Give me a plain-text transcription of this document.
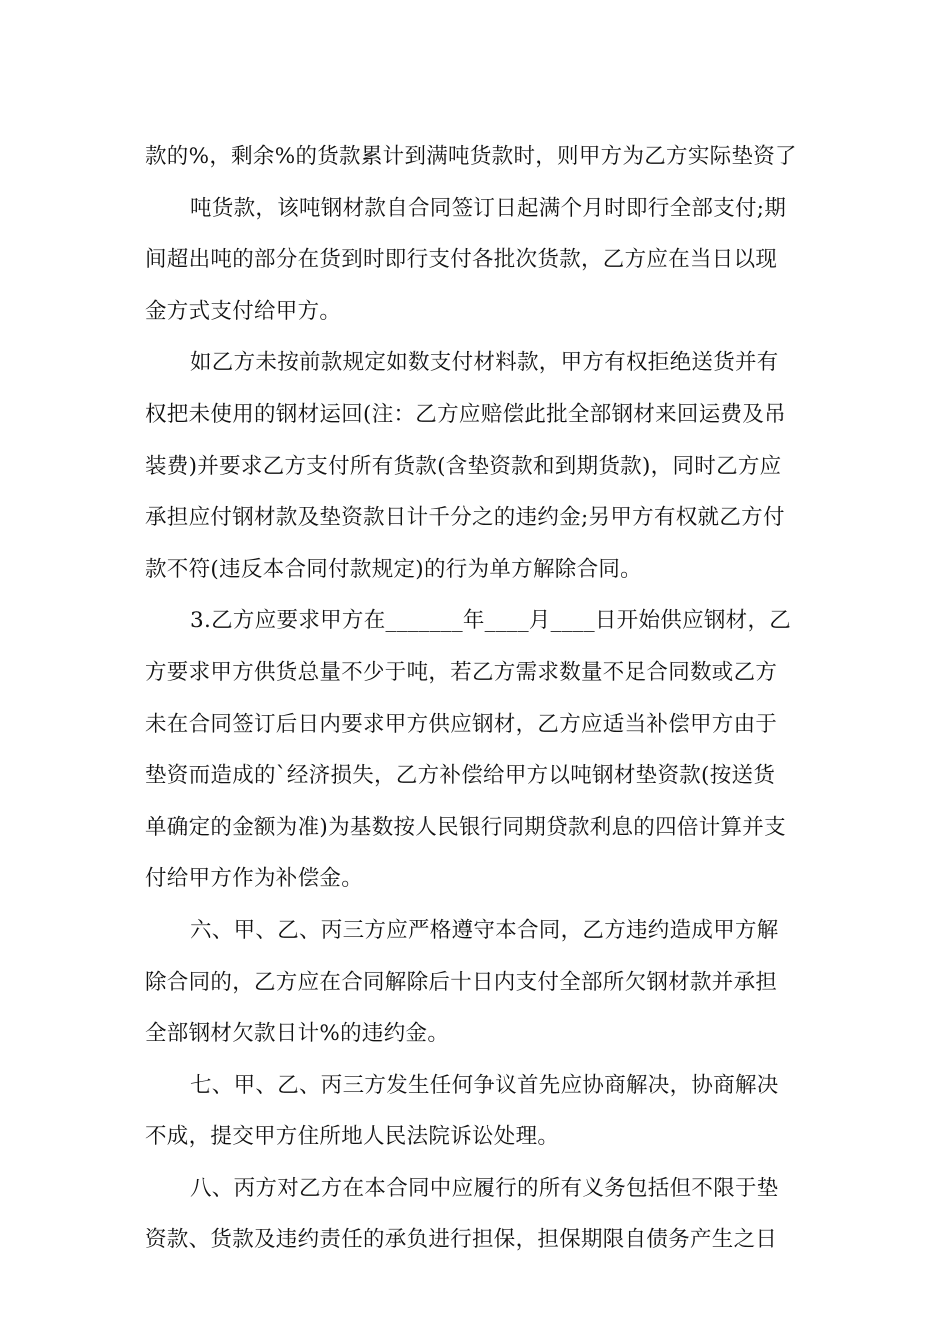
款的%，剩余%的货款累计到满吨货款时，则甲方为乙方实际垫资了
吨货款，该吨钢材款自合同签订日起满个月时即行全部支付;期
间超出吨的部分在货到时即行支付各批次货款，乙方应在当日以现
金方式支付给甲方。
如乙方未按前款规定如数支付材料款，甲方有权拒绝送货并有
权把未使用的钢材运回(注：乙方应赔偿此批全部钢材来回运费及吊
装费)并要求乙方支付所有货款(含垫资款和到期货款)，同时乙方应
承担应付钢材款及垫资款日计千分之的违约金;另甲方有权就乙方付
款不符(违反本合同付款规定)的行为单方解除合同。
3.乙方应要求甲方在_______年____月____日开始供应钢材，乙
方要求甲方供货总量不少于吨，若乙方需求数量不足合同数或乙方
未在合同签订后日内要求甲方供应钢材，乙方应适当补偿甲方由于
垫资而造成的`经济损失，乙方补偿给甲方以吨钢材垫资款(按送货
单确定的金额为准)为基数按人民银行同期贷款利息的四倍计算并支
付给甲方作为补偿金。
六、甲、乙、丙三方应严格遵守本合同，乙方违约造成甲方解
除合同的，乙方应在合同解除后十日内支付全部所欠钢材款并承担
全部钢材欠款日计%的违约金。
七、甲、乙、丙三方发生任何争议首先应协商解决，协商解决
不成，提交甲方住所地人民法院诉讼处理。
八、丙方对乙方在本合同中应履行的所有义务包括但不限于垫
资款、货款及违约责任的承负进行担保，担保期限自债务产生之日
